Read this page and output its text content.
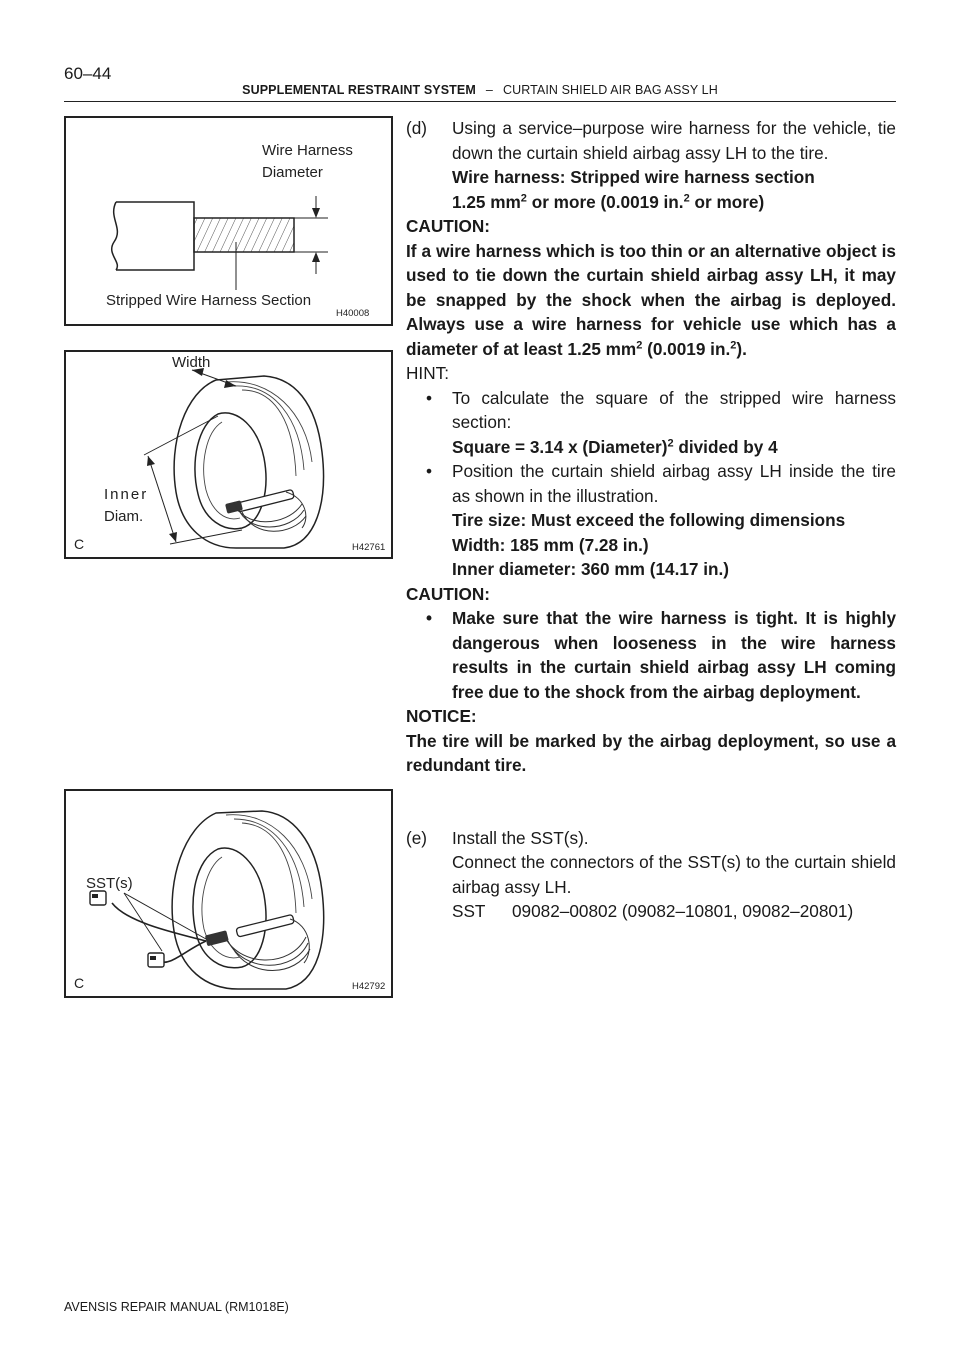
60–44
SUPPLEMENTAL RESTRAINT SYSTEM – CURTAIN SHIELD AIR BAG ASSY LH
Wire Harness
Diameter
Stripped Wire Harness Section
H40008
Width
Inner
Diam.
C	H42761
SST(s)
C	H42792

(d) Using a service–purpose wire harness for the vehicle, tie down the curtain shield airbag assy LH to the tire.

Wire harness: Stripped wire harness section

1.25 $mm^2$ or more (0.0019 in.$^2$ or more)

CAUTION:

If a wire harness which is too thin or an alternative object is used to tie down the curtain shield airbag assy LH, it may be snapped by the shock when the airbag is deployed. Always use a wire harness for vehicle use which has a diameter of at least 1.25 $mm^2$ (0.0019 in.$^2$).

HINT:

• To calculate the square of the stripped wire harness section:

Square = 3.14 x (Diameter)$^2$ divided by 4

• Position the curtain shield airbag assy LH inside the tire as shown in the illustration.

Tire size: Must exceed the following dimensions

Width: 185 mm (7.28 in.)

Inner diameter: 360 mm (14.17 in.)

CAUTION:

• Make sure that the wire harness is tight. It is highly dangerous when looseness in the wire harness results in the curtain shield airbag assy LH coming free due to the shock from the airbag deployment.

NOTICE:

The tire will be marked by the airbag deployment, so use a redundant tire.

(e) Install the SST(s).

Connect the connectors of the SST(s) to the curtain shield airbag assy LH.

SST 09082–00802 (09082–10801, 09082–20801)

AVENSIS REPAIR MANUAL (RM1018E)
